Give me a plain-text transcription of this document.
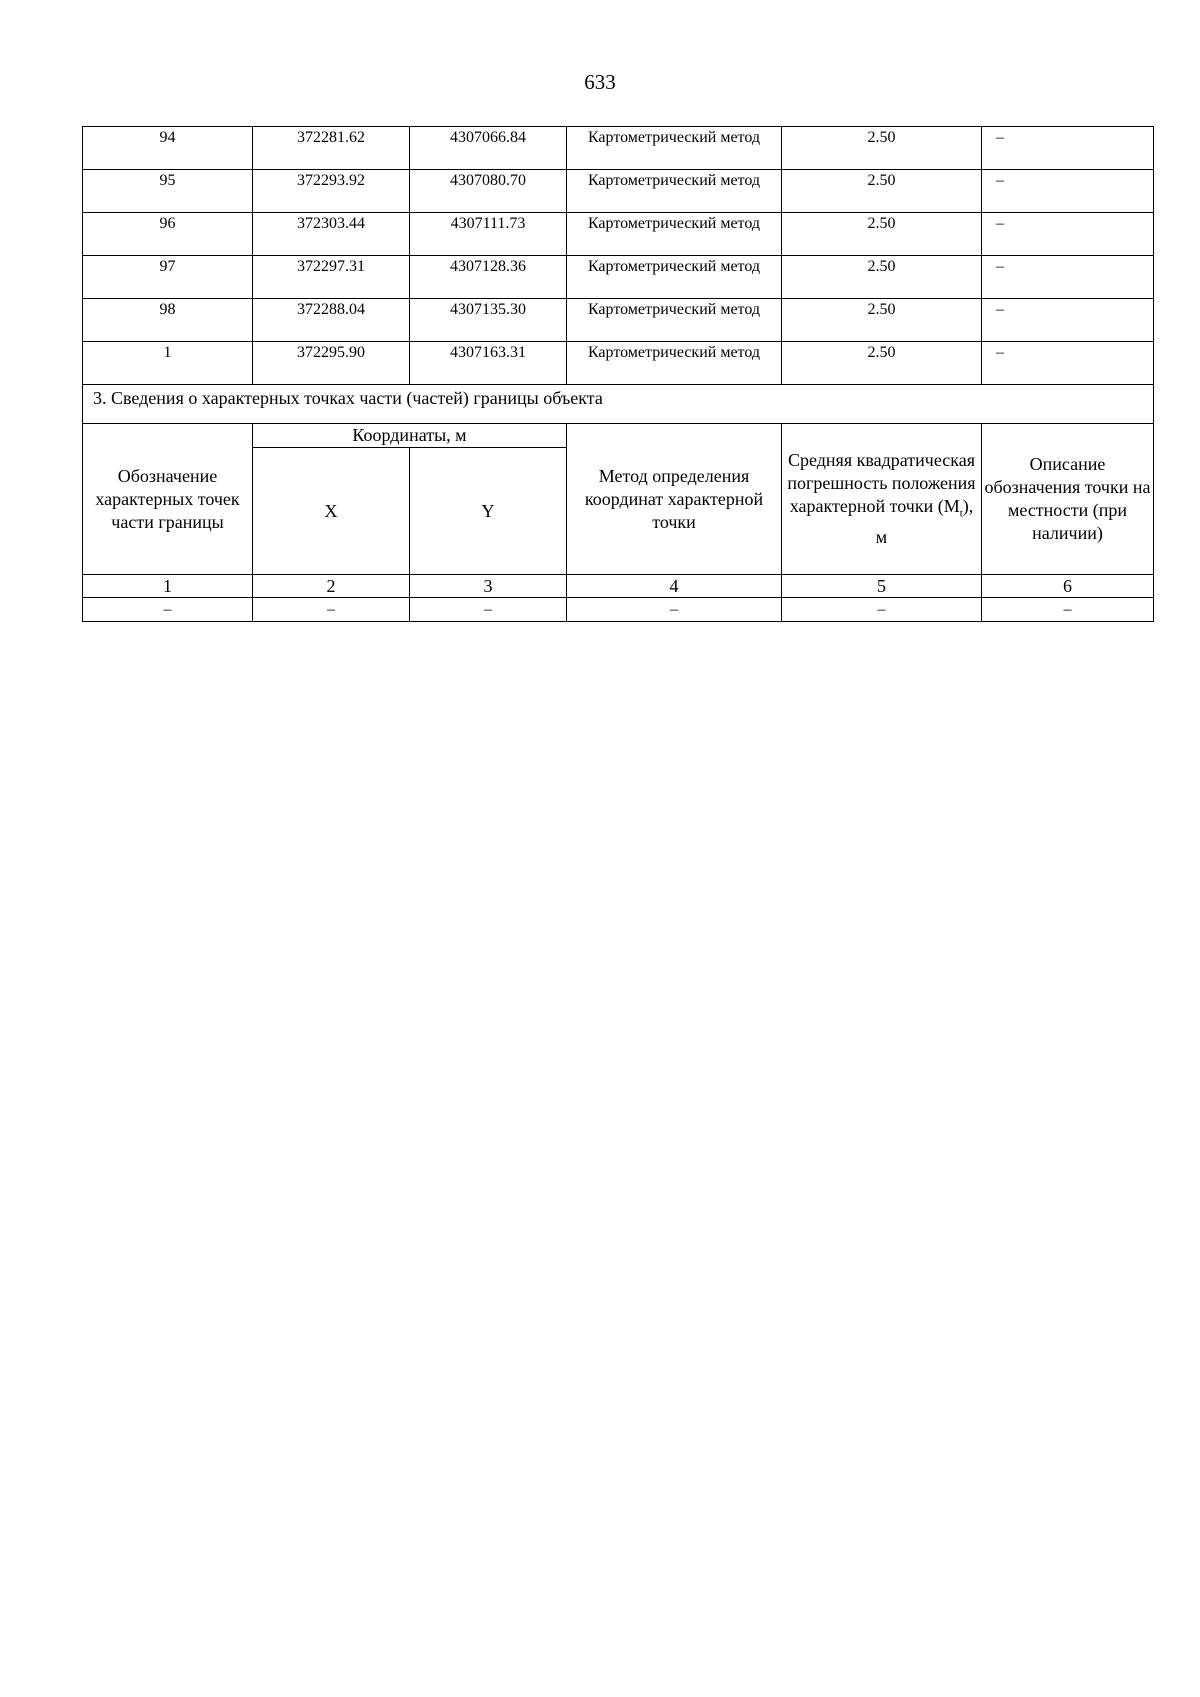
633
94	372281.62	4307066.84	Картометрический метод	2.50	–
95	372293.92	4307080.70	Картометрический метод	2.50	–
96	372303.44	4307111.73	Картометрический метод	2.50	–
97	372297.31	4307128.36	Картометрический метод	2.50	–
98	372288.04	4307135.30	Картометрический метод	2.50	–
1	372295.90	4307163.31	Картометрический метод	2.50	–
3. Сведения о характерных точках части (частей) границы объекта					
Обозначение характерных точек части границы	Координаты, м		Метод определения координат характерной точки	Средняя квадратическая погрешность положения характерной точки $(M_t)$, м	Описание обозначения точки на местности (при наличии)
	X	Y			
1	2	3	4	5	6
–	–	–	–	–	–
